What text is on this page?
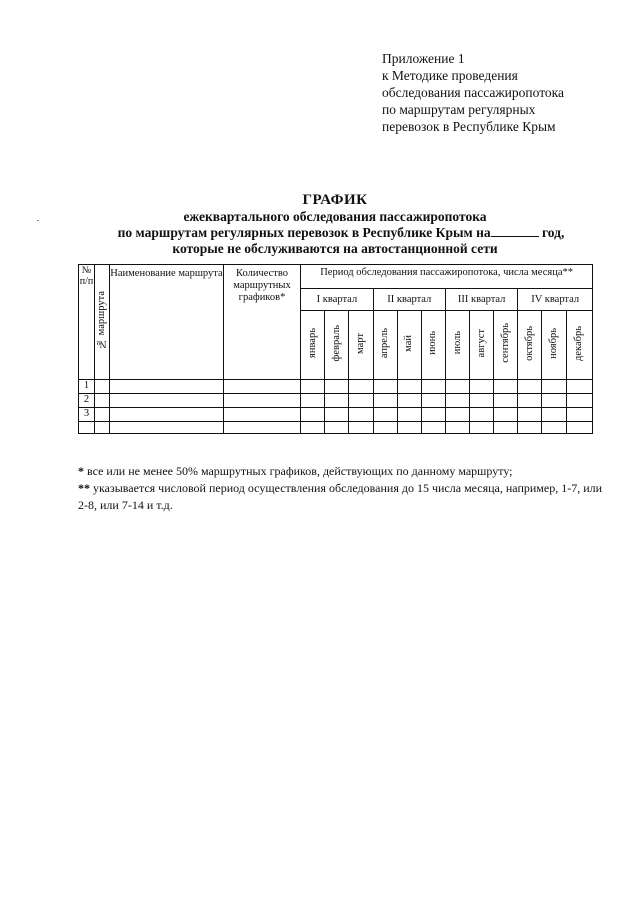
Приложение 1
к Методике проведения
обследования пассажиропотока
по маршрутам регулярных
перевозок в Республике Крым
ГРАФИК
ежеквартального обследования пассажиропотока
по маршрутам регулярных перевозок в Республике Крым на	год,
которые не обслуживаются на автостанционной сети
№ п/п	№ маршрута	Наименование маршрута	Количество маршрутных графиков*	Период обследования пассажиропотока, числа месяца**											
				I квартал			II квартал			III квартал			IV квартал		
				январь	февраль	март	апрель	май	июнь	июль	август	сентябрь	октябрь	ноябрь	декабрь
1															
2															
3															

* все или не менее 50% маршрутных графиков, действующих по данному маршруту;
** указывается числовой период осуществления обследования до 15 числа месяца, например, 1-7, или 2-8, или 7-14 и т.д.
